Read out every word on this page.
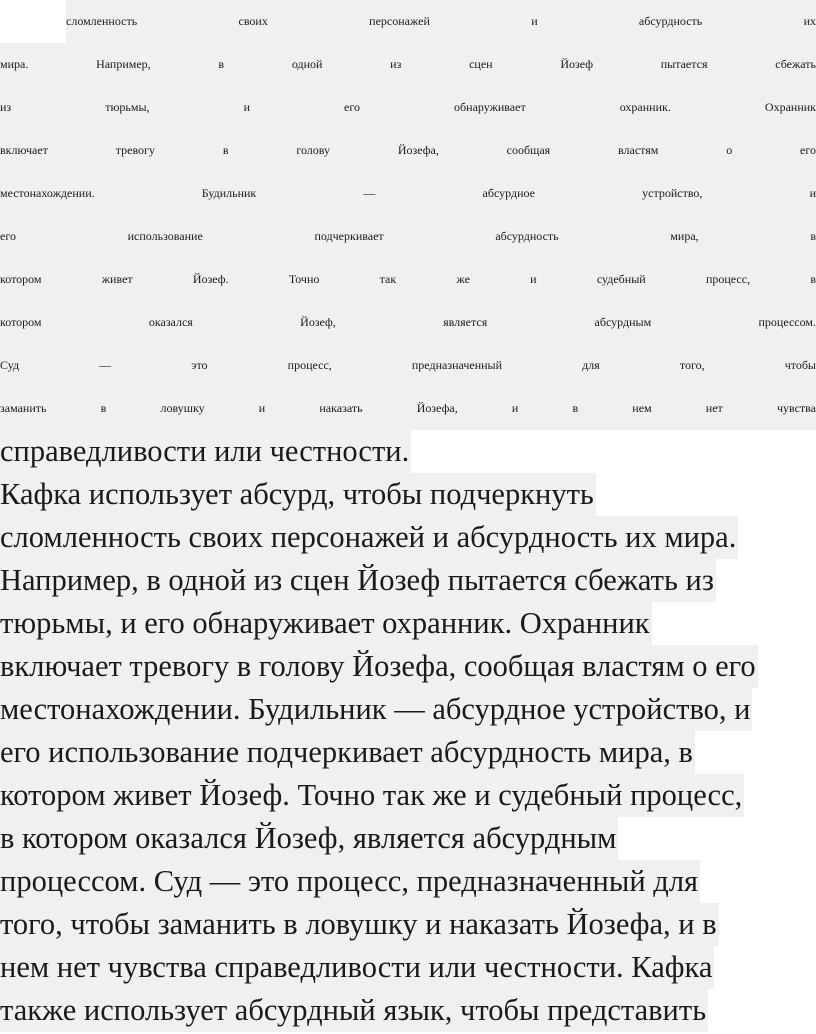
сломленность своих персонажей и абсурдность их
мира. Например, в одной из сцен Йозеф пытается сбежать
из тюрьмы, и его обнаруживает охранник. Охранник
включает тревогу в голову Йозефа, сообщая властям о его
местонахождении. Будильник — абсурдное устройство, и
его использование подчеркивает абсурдность мира, в
котором живет Йозеф. Точно так же и судебный процесс, в
котором оказался Йозеф, является абсурдным процессом.
Суд — это процесс, предназначенный для того, чтобы
заманить в ловушку и наказать Йозефа, и в нем нет чувства
справедливости или честности.
Кафка использует абсурд, чтобы подчеркнуть
сломленность своих персонажей и абсурдность их мира.
Например, в одной из сцен Йозеф пытается сбежать из
тюрьмы, и его обнаруживает охранник. Охранник
включает тревогу в голову Йозефа, сообщая властям о его
местонахождении. Будильник — абсурдное устройство, и
его использование подчеркивает абсурдность мира, в
котором живет Йозеф. Точно так же и судебный процесс,
в котором оказался Йозеф, является абсурдным
процессом. Суд — это процесс, предназначенный для
того, чтобы заманить в ловушку и наказать Йозефа, и в
нем нет чувства справедливости или честности. Кафка
также использует абсурдный язык, чтобы представить
